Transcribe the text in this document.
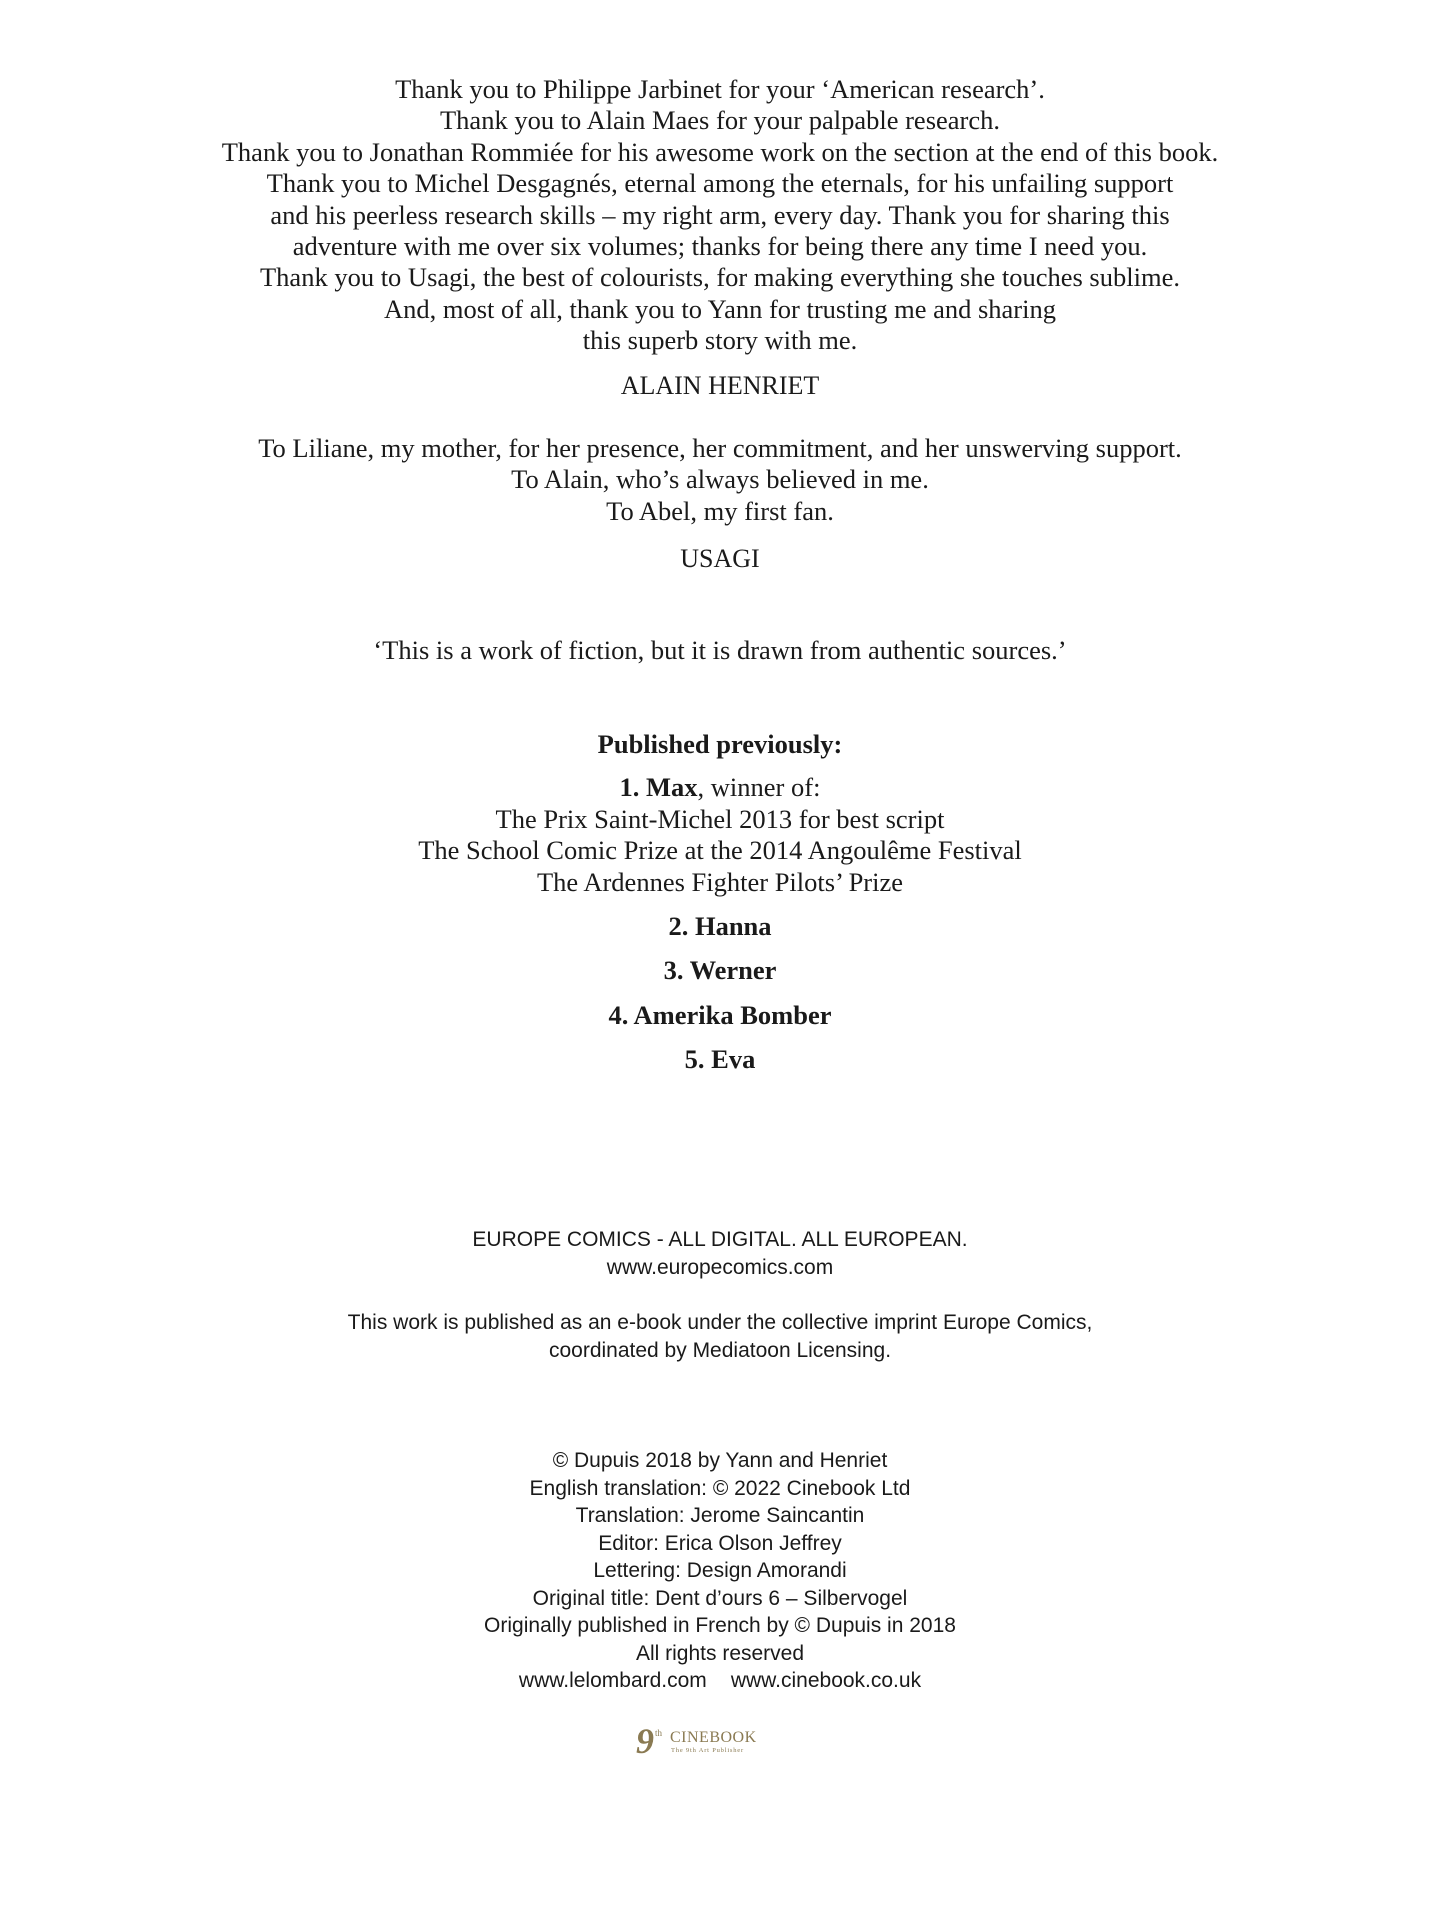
Thank you to Philippe Jarbinet for your ‘American research’.
Thank you to Alain Maes for your palpable research.
Thank you to Jonathan Rommiée for his awesome work on the section at the end of this book.
Thank you to Michel Desgagnés, eternal among the eternals, for his unfailing support
and his peerless research skills – my right arm, every day. Thank you for sharing this
adventure with me over six volumes; thanks for being there any time I need you.
Thank you to Usagi, the best of colourists, for making everything she touches sublime.
And, most of all, thank you to Yann for trusting me and sharing
this superb story with me.
ALAIN HENRIET
To Liliane, my mother, for her presence, her commitment, and her unswerving support.
To Alain, who’s always believed in me.
To Abel, my first fan.
USAGI
‘This is a work of fiction, but it is drawn from authentic sources.’
Published previously:
1. Max, winner of:
The Prix Saint-Michel 2013 for best script
The School Comic Prize at the 2014 Angoulême Festival
The Ardennes Fighter Pilots’ Prize
2. Hanna
3. Werner
4. Amerika Bomber
5. Eva
EUROPE COMICS - ALL DIGITAL. ALL EUROPEAN.
www.europecomics.com
This work is published as an e-book under the collective imprint Europe Comics,
coordinated by Mediatoon Licensing.
© Dupuis 2018 by Yann and Henriet
English translation: © 2022 Cinebook Ltd
Translation: Jerome Saincantin
Editor: Erica Olson Jeffrey
Lettering: Design Amorandi
Original title: Dent d’ours 6 – Silbervogel
Originally published in French by © Dupuis in 2018
All rights reserved
www.lelombard.com www.cinebook.co.uk
9 th CINEBOOK
The 9th Art Publisher
